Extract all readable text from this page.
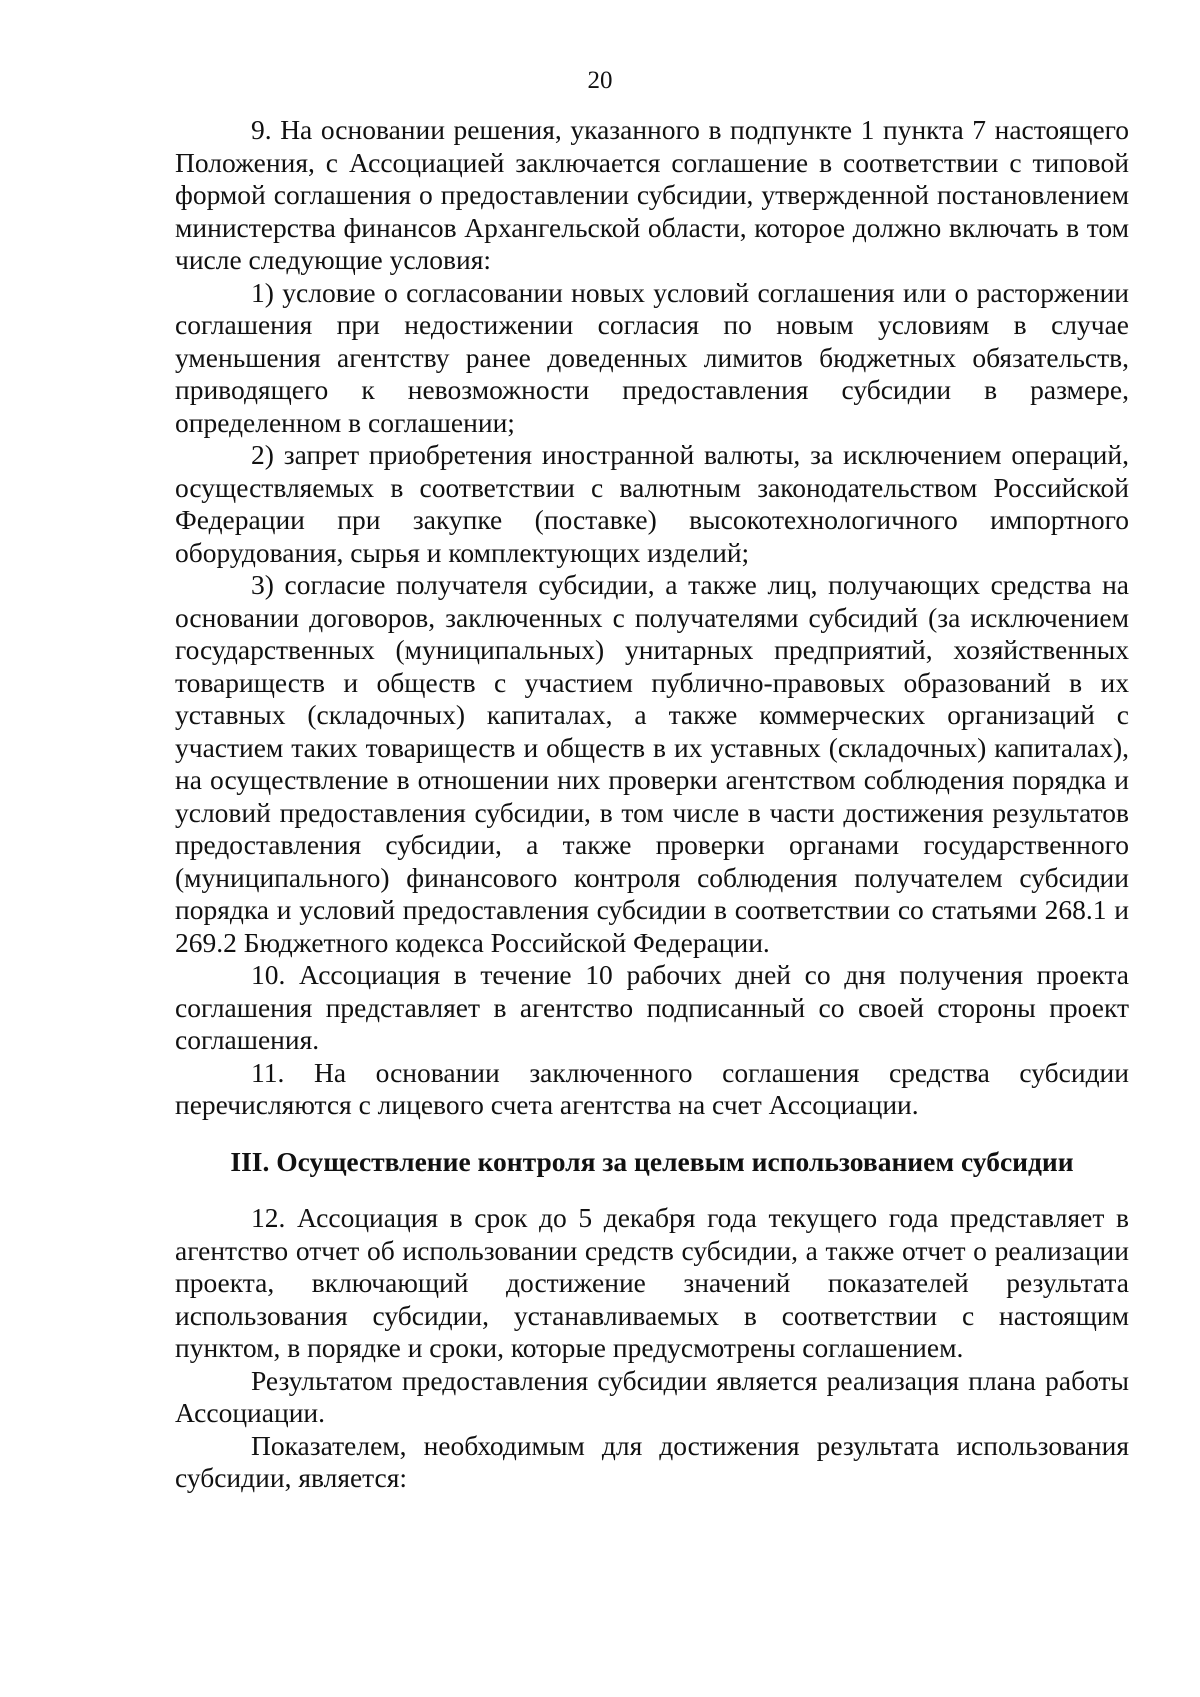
20

9. На основании решения, указанного в подпункте 1 пункта 7 настоящего Положения, с Ассоциацией заключается соглашение в соответствии с типовой формой соглашения о предоставлении субсидии, утвержденной постановлением министерства финансов Архангельской области, которое должно включать в том числе следующие условия:

1) условие о согласовании новых условий соглашения или о расторжении соглашения при недостижении согласия по новым условиям в случае уменьшения агентству ранее доведенных лимитов бюджетных обязательств, приводящего к невозможности предоставления субсидии в размере, определенном в соглашении;

2) запрет приобретения иностранной валюты, за исключением операций, осуществляемых в соответствии с валютным законодательством Российской Федерации при закупке (поставке) высокотехнологичного импортного оборудования, сырья и комплектующих изделий;

3) согласие получателя субсидии, а также лиц, получающих средства на основании договоров, заключенных с получателями субсидий (за исключением государственных (муниципальных) унитарных предприятий, хозяйственных товариществ и обществ с участием публично-правовых образований в их уставных (складочных) капиталах, а также коммерческих организаций с участием таких товариществ и обществ в их уставных (складочных) капиталах), на осуществление в отношении них проверки агентством соблюдения порядка и условий предоставления субсидии, в том числе в части достижения результатов предоставления субсидии, а также проверки органами государственного (муниципального) финансового контроля соблюдения получателем субсидии порядка и условий предоставления субсидии в соответствии со статьями 268.1 и 269.2 Бюджетного кодекса Российской Федерации.

10. Ассоциация в течение 10 рабочих дней со дня получения проекта соглашения представляет в агентство подписанный со своей стороны проект соглашения.

11. На основании заключенного соглашения средства субсидии перечисляются с лицевого счета агентства на счет Ассоциации.

III. Осуществление контроля за целевым использованием субсидии

12. Ассоциация в срок до 5 декабря года текущего года представляет в агентство отчет об использовании средств субсидии, а также отчет о реализации проекта, включающий достижение значений показателей результата использования субсидии, устанавливаемых в соответствии с настоящим пунктом, в порядке и сроки, которые предусмотрены соглашением.

Результатом предоставления субсидии является реализация плана работы Ассоциации.

Показателем, необходимым для достижения результата использования субсидии, является:
